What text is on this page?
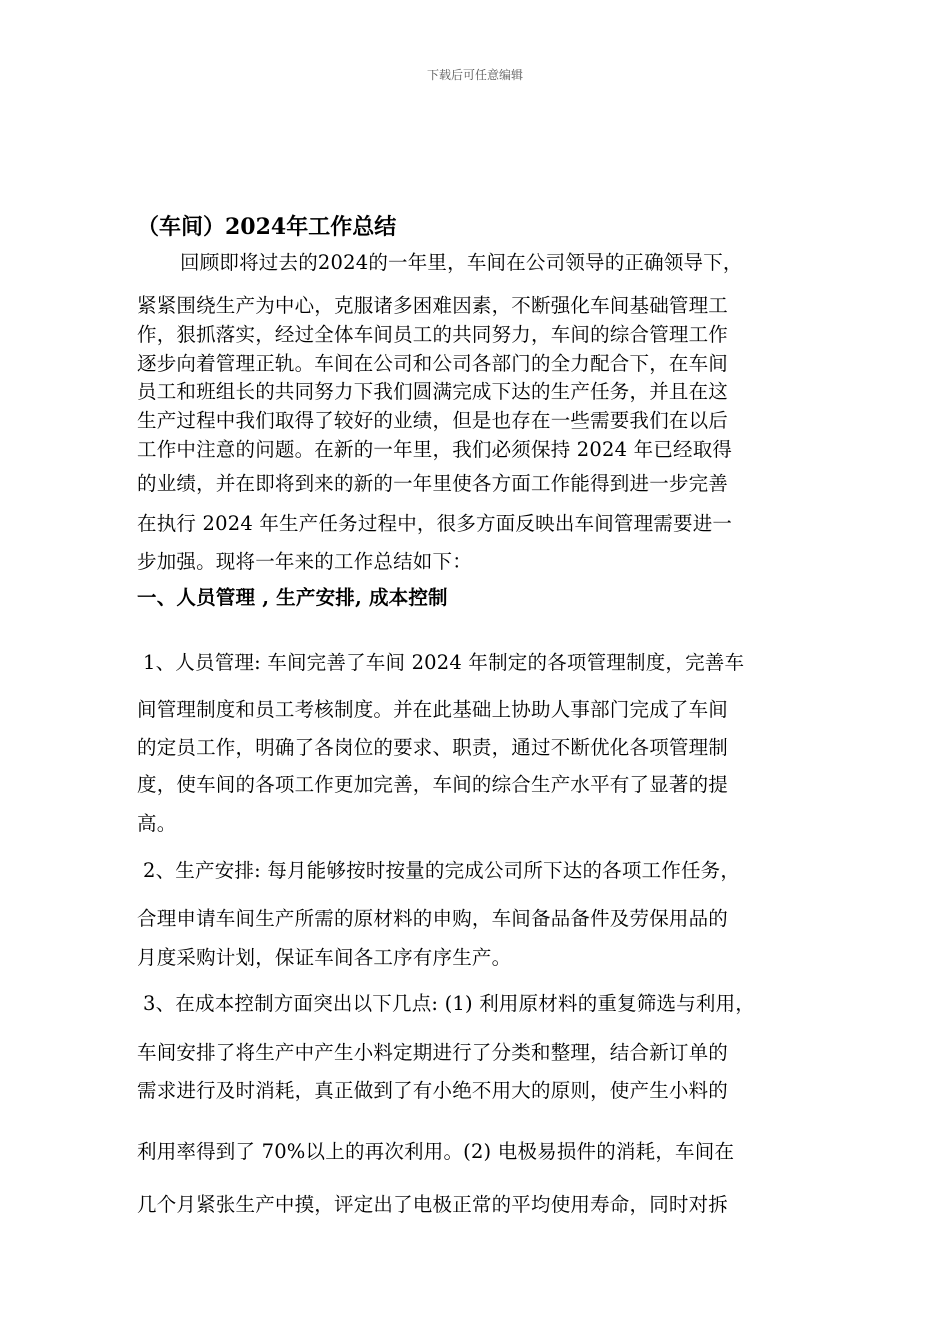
下载后可任意编辑
（车间）2024年工作总结
回顾即将过去的2024的一年里，车间在公司领导的正确领导下，
紧紧围绕生产为中心，克服诸多困难因素，不断强化车间基础管理工
作，狠抓落实，经过全体车间员工的共同努力，车间的综合管理工作
逐步向着管理正轨。车间在公司和公司各部门的全力配合下，在车间
员工和班组长的共同努力下我们圆满完成下达的生产任务，并且在这
生产过程中我们取得了较好的业绩，但是也存在一些需要我们在以后
工作中注意的问题。在新的一年里，我们必须保持 2024 年已经取得
的业绩，并在即将到来的新的一年里使各方面工作能得到进一步完善
在执行 2024 年生产任务过程中，很多方面反映出车间管理需要进一
步加强。现将一年来的工作总结如下：
一、人员管理 , 生产安排, 成本控制
1、人员管理: 车间完善了车间 2024 年制定的各项管理制度，完善车
间管理制度和员工考核制度。并在此基础上协助人事部门完成了车间
的定员工作，明确了各岗位的要求、职责，通过不断优化各项管理制
度，使车间的各项工作更加完善，车间的综合生产水平有了显著的提
高。
2、生产安排: 每月能够按时按量的完成公司所下达的各项工作任务，
合理申请车间生产所需的原材料的申购，车间备品备件及劳保用品的
月度采购计划，保证车间各工序有序生产。
3、在成本控制方面突出以下几点: (1) 利用原材料的重复筛选与利用，
车间安排了将生产中产生小料定期进行了分类和整理，结合新订单的
需求进行及时消耗，真正做到了有小绝不用大的原则，使产生小料的
利用率得到了 70%以上的再次利用。(2) 电极易损件的消耗，车间在
几个月紧张生产中摸，评定出了电极正常的平均使用寿命，同时对拆
